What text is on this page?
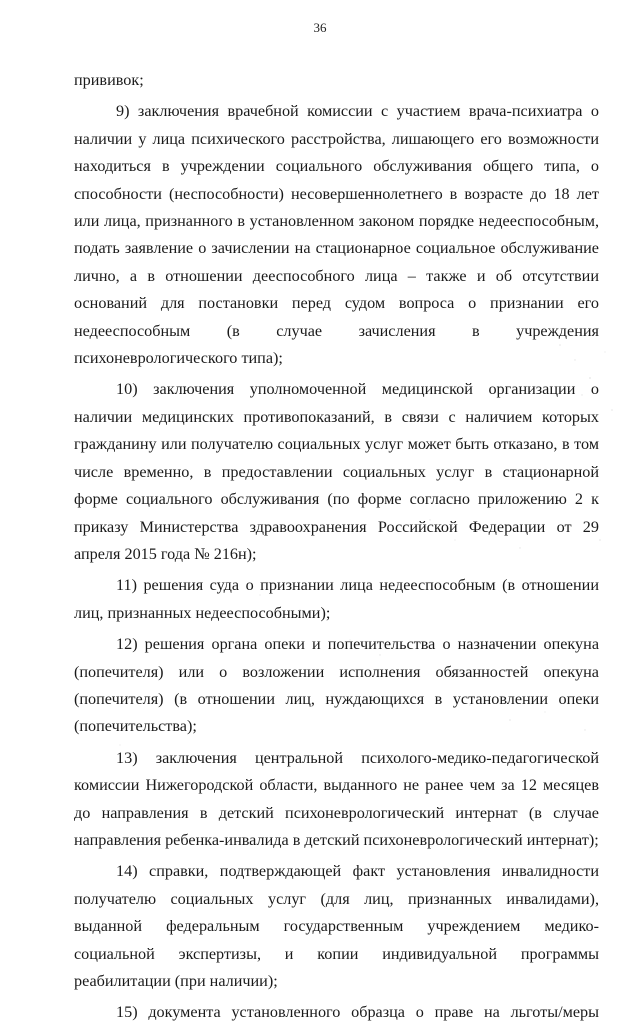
36

прививок;

9) заключения врачебной комиссии с участием врача-психиатра о наличии у лица психического расстройства, лишающего его возможности находиться в учреждении социального обслуживания общего типа, о способности (неспособности) несовершеннолетнего в возрасте до 18 лет или лица, признанного в установленном законом порядке недееспособным, подать заявление о зачислении на стационарное социальное обслуживание лично, а в отношении дееспособного лица – также и об отсутствии оснований для постановки перед судом вопроса о признании его недееспособным (в случае зачисления в учреждения психоневрологического типа);

10) заключения уполномоченной медицинской организации о наличии медицинских противопоказаний, в связи с наличием которых гражданину или получателю социальных услуг может быть отказано, в том числе временно, в предоставлении социальных услуг в стационарной форме социального обслуживания (по форме согласно приложению 2 к приказу Министерства здравоохранения Российской Федерации от 29 апреля 2015 года № 216н);

11) решения суда о признании лица недееспособным (в отношении лиц, признанных недееспособными);

12) решения органа опеки и попечительства о назначении опекуна (попечителя) или о возложении исполнения обязанностей опекуна (попечителя) (в отношении лиц, нуждающихся в установлении опеки (попечительства);

13) заключения центральной психолого-медико-педагогической комиссии Нижегородской области, выданного не ранее чем за 12 месяцев до направления в детский психоневрологический интернат (в случае направления ребенка-инвалида в детский психоневрологический интернат);

14) справки, подтверждающей факт установления инвалидности получателю социальных услуг (для лиц, признанных инвалидами), выданной федеральным государственным учреждением медико-социальной экспертизы, и копии индивидуальной программы реабилитации (при наличии);

15) документа установленного образца о праве на льготы/меры
